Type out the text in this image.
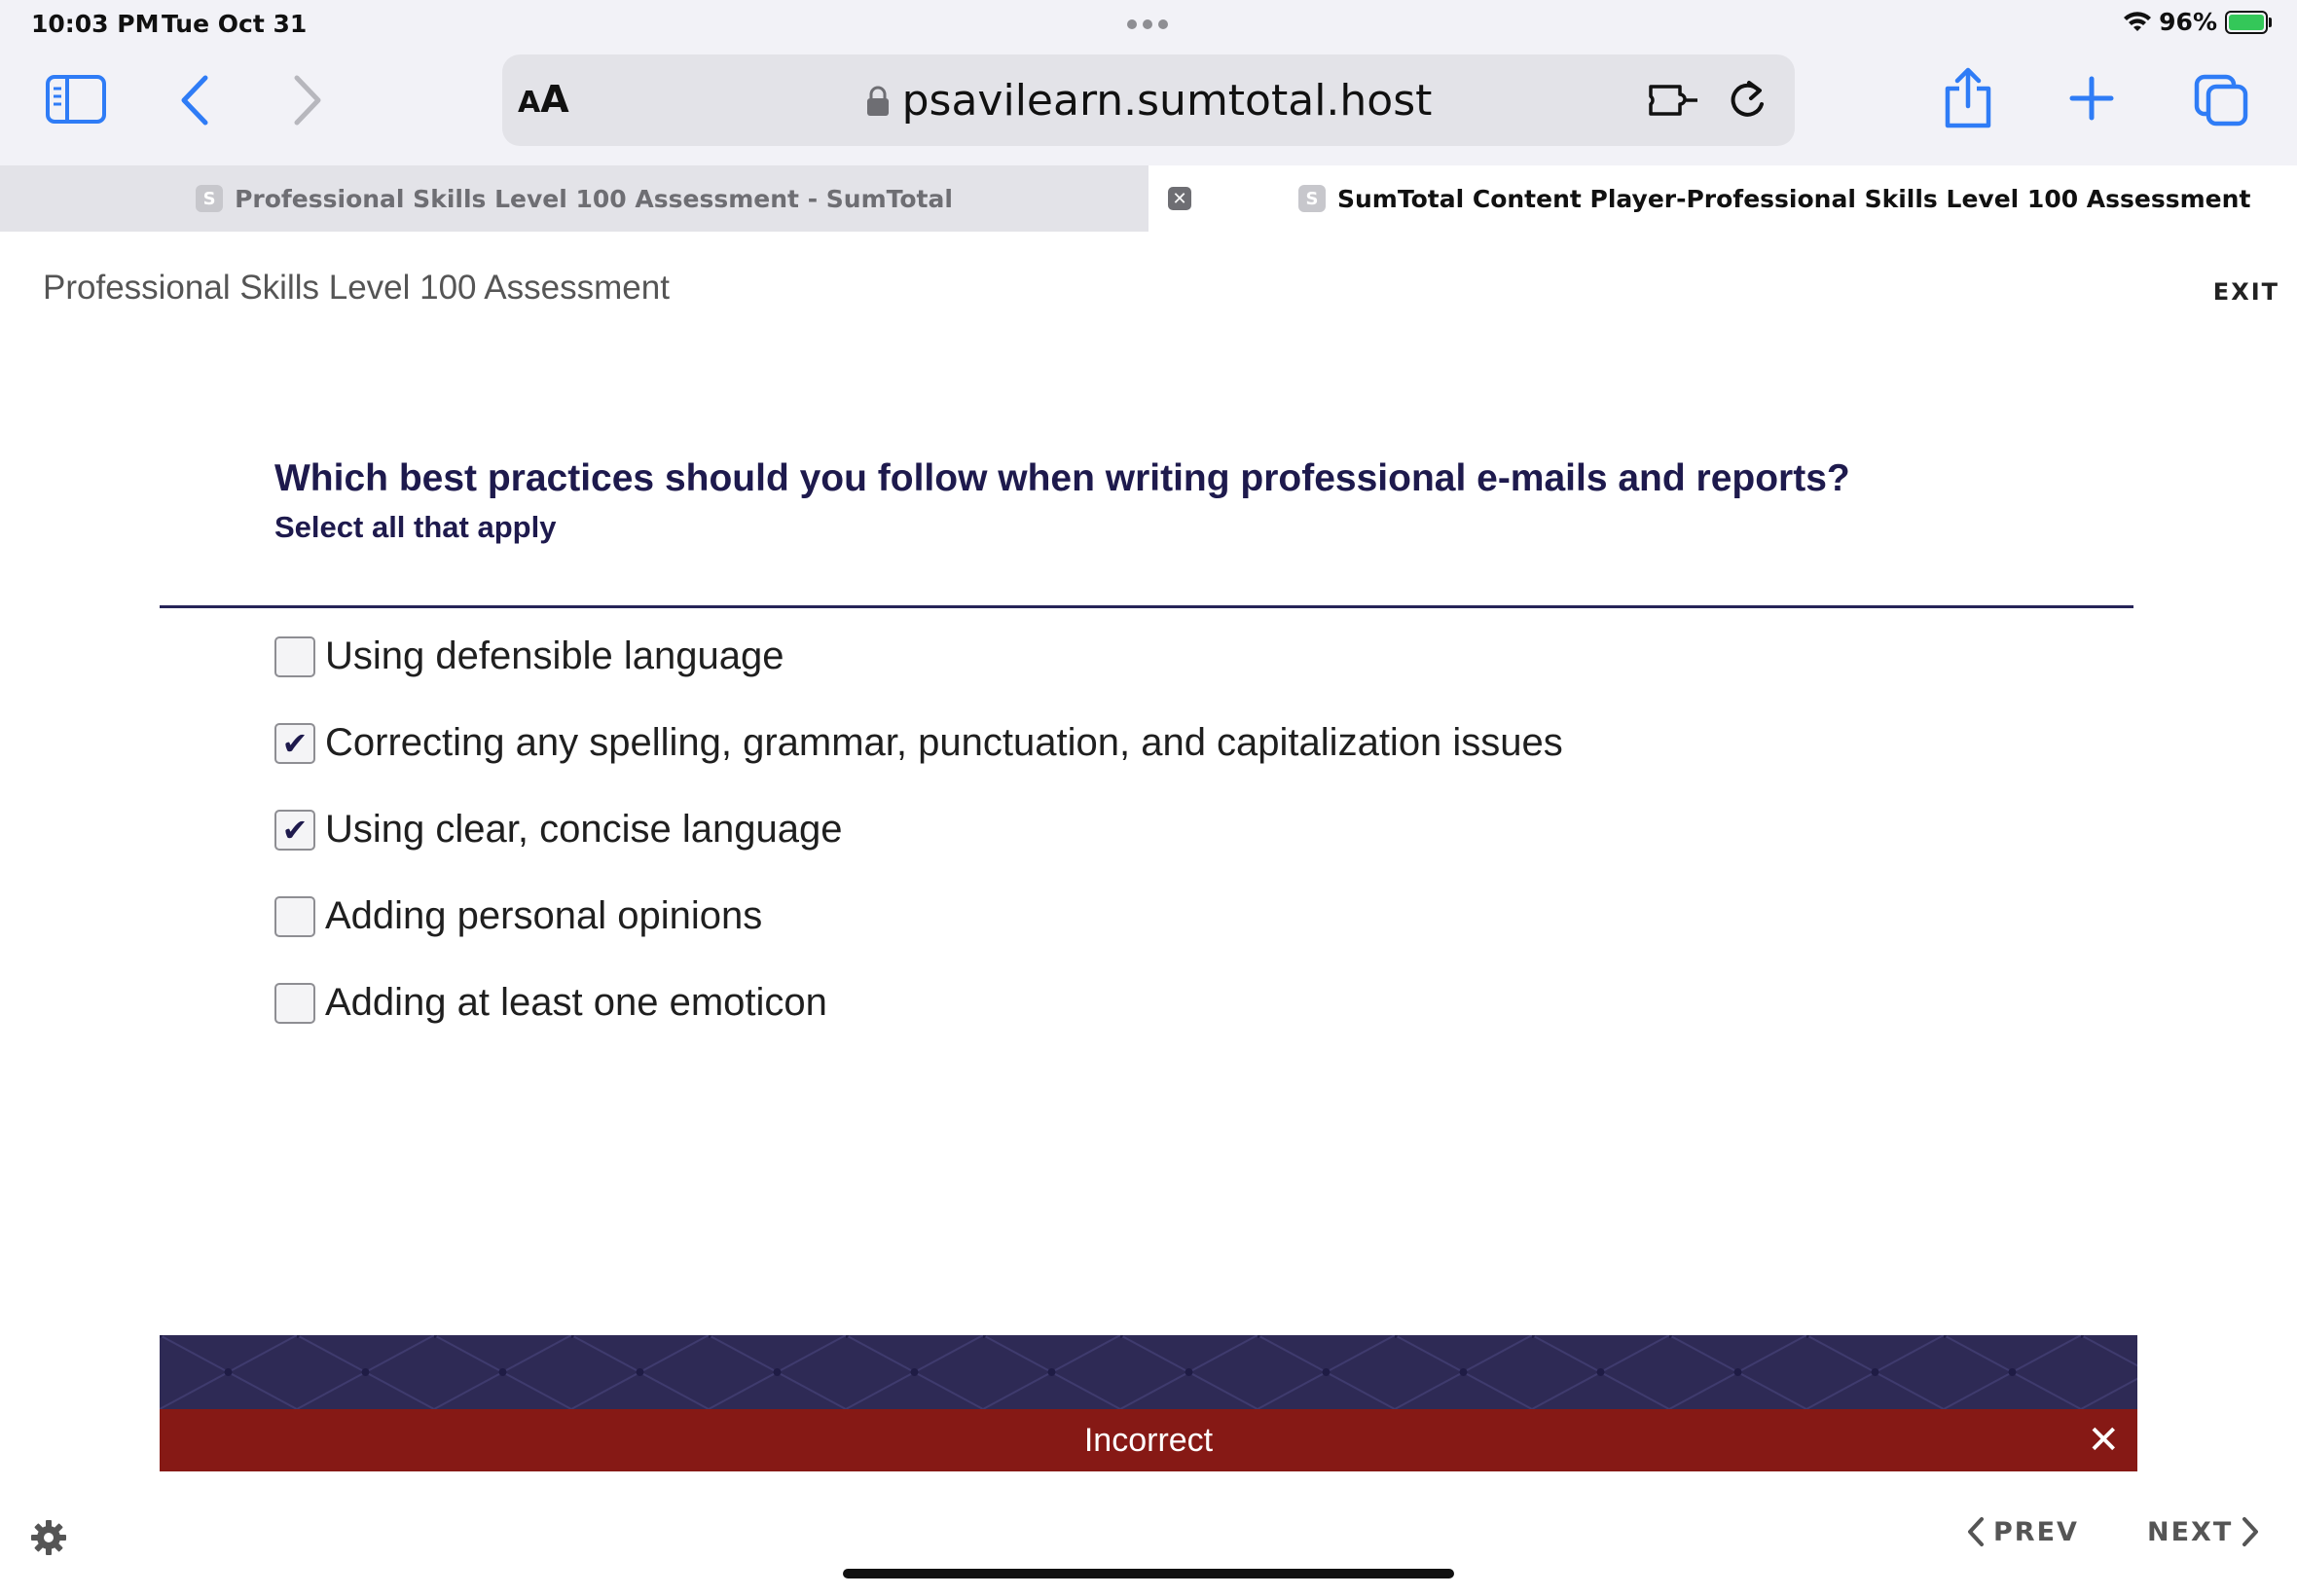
10:03 PM Tue Oct 31	96%
AA	psavilearn.sumtotal.host
S Professional Skills Level 100 Assessment - SumTotal	✕	S SumTotal Content Player-Professional Skills Level 100 Assessment
Professional Skills Level 100 Assessment	EXIT
Which best practices should you follow when writing professional e-mails and reports?
Select all that apply
Using defensible language
✔ Correcting any spelling, grammar, punctuation, and capitalization issues
✔ Using clear, concise language
Adding personal opinions
Adding at least one emoticon
Incorrect	✕
PREV	NEXT
